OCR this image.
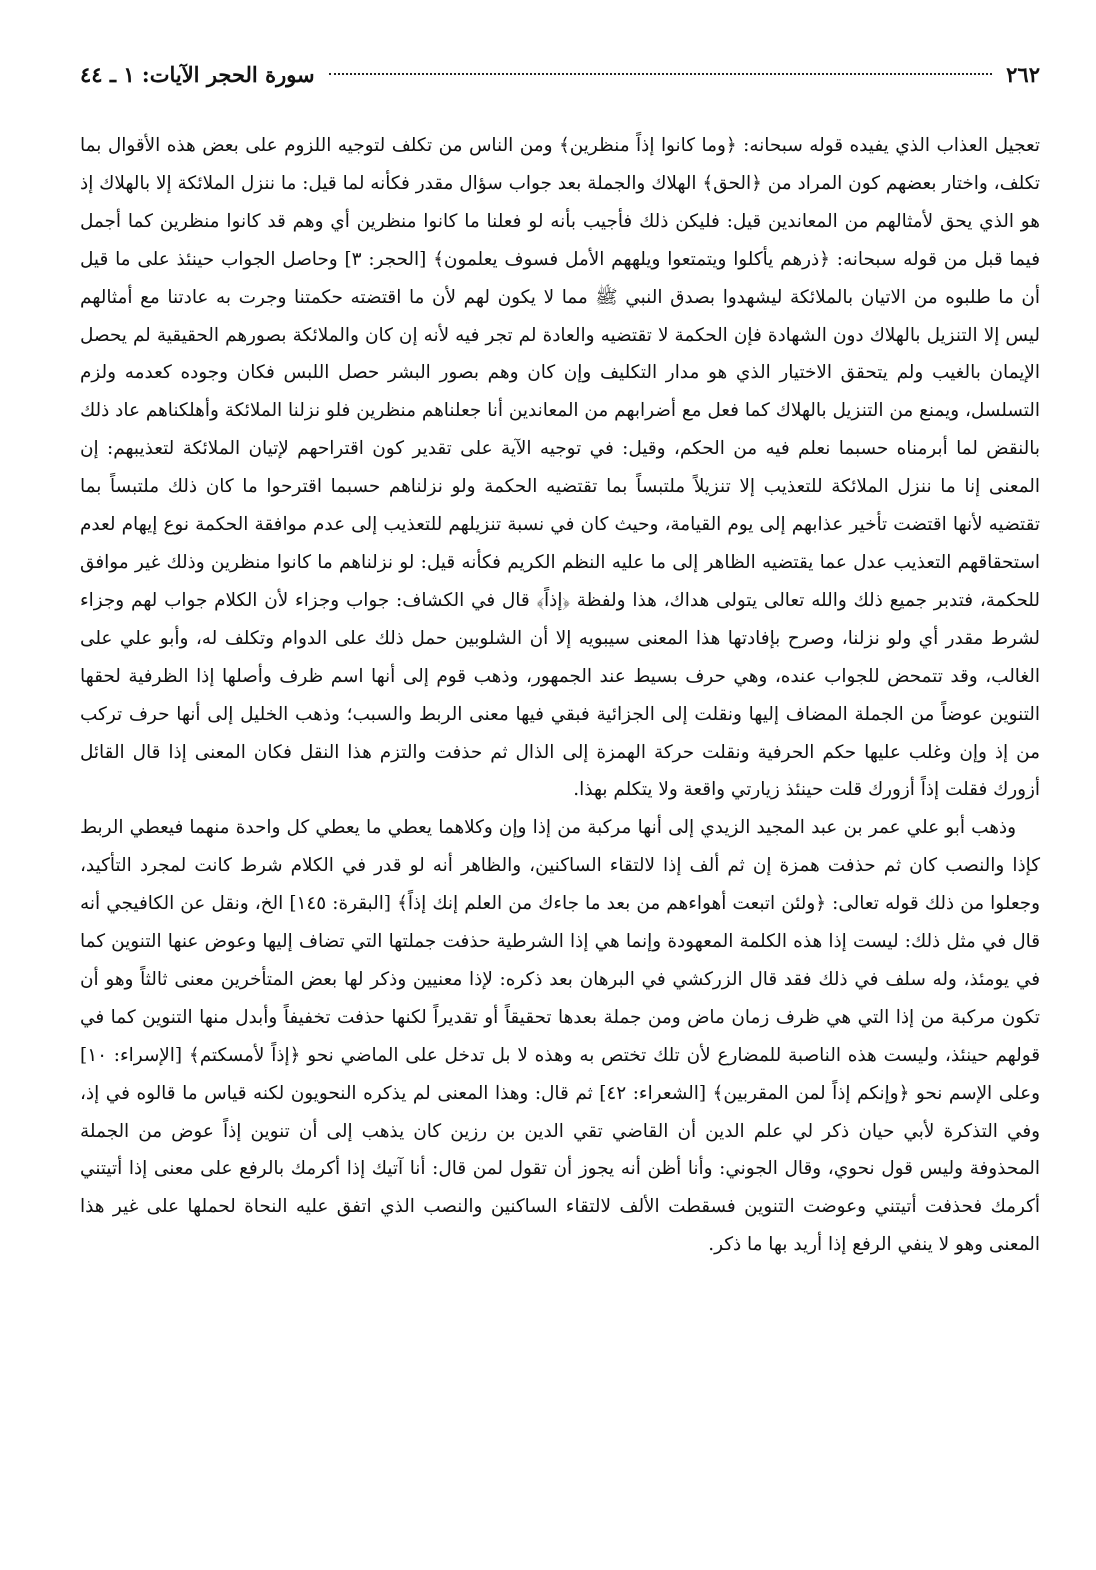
٢٦٢
سورة الحجر الآيات: ١ ـ ٤٤

تعجيل العذاب الذي يفيده قوله سبحانه: ﴿وما كانوا إذاً منظرين﴾ ومن الناس من تكلف لتوجيه اللزوم على بعض هذه الأقوال بما تكلف، واختار بعضهم كون المراد من ﴿الحق﴾ الهلاك والجملة بعد جواب سؤال مقدر فكأنه لما قيل: ما ننزل الملائكة إلا بالهلاك إذ هو الذي يحق لأمثالهم من المعاندين قيل: فليكن ذلك فأجيب بأنه لو فعلنا ما كانوا منظرين أي وهم قد كانوا منظرين كما أجمل فيما قبل من قوله سبحانه: ﴿ذرهم يأكلوا ويتمتعوا ويلههم الأمل فسوف يعلمون﴾ [الحجر: ٣] وحاصل الجواب حينئذ على ما قيل أن ما طلبوه من الاتيان بالملائكة ليشهدوا بصدق النبي ﷺ مما لا يكون لهم لأن ما اقتضته حكمتنا وجرت به عادتنا مع أمثالهم ليس إلا التنزيل بالهلاك دون الشهادة فإن الحكمة لا تقتضيه والعادة لم تجر فيه لأنه إن كان والملائكة بصورهم الحقيقية لم يحصل الإيمان بالغيب ولم يتحقق الاختيار الذي هو مدار التكليف وإن كان وهم بصور البشر حصل اللبس فكان وجوده كعدمه ولزم التسلسل، ويمنع من التنزيل بالهلاك كما فعل مع أضرابهم من المعاندين أنا جعلناهم منظرين فلو نزلنا الملائكة وأهلكناهم عاد ذلك بالنقض لما أبرمناه حسبما نعلم فيه من الحكم، وقيل: في توجيه الآية على تقدير كون اقتراحهم لإتيان الملائكة لتعذيبهم: إن المعنى إنا ما ننزل الملائكة للتعذيب إلا تنزيلاً ملتبساً بما تقتضيه الحكمة ولو نزلناهم حسبما اقترحوا ما كان ذلك ملتبساً بما تقتضيه لأنها اقتضت تأخير عذابهم إلى يوم القيامة، وحيث كان في نسبة تنزيلهم للتعذيب إلى عدم موافقة الحكمة نوع إيهام لعدم استحقاقهم التعذيب عدل عما يقتضيه الظاهر إلى ما عليه النظم الكريم فكأنه قيل: لو نزلناهم ما كانوا منظرين وذلك غير موافق للحكمة، فتدبر جميع ذلك والله تعالى يتولى هداك، هذا ولفظة ﴿إذاً﴾ قال في الكشاف: جواب وجزاء لأن الكلام جواب لهم وجزاء لشرط مقدر أي ولو نزلنا، وصرح بإفادتها هذا المعنى سيبويه إلا أن الشلوبين حمل ذلك على الدوام وتكلف له، وأبو علي على الغالب، وقد تتمحض للجواب عنده، وهي حرف بسيط عند الجمهور، وذهب قوم إلى أنها اسم ظرف وأصلها إذا الظرفية لحقها التنوين عوضاً من الجملة المضاف إليها ونقلت إلى الجزائية فبقي فيها معنى الربط والسبب؛ وذهب الخليل إلى أنها حرف تركب من إذ وإن وغلب عليها حكم الحرفية ونقلت حركة الهمزة إلى الذال ثم حذفت والتزم هذا النقل فكان المعنى إذا قال القائل أزورك فقلت إذاً أزورك قلت حينئذ زيارتي واقعة ولا يتكلم بهذا.

وذهب أبو علي عمر بن عبد المجيد الزيدي إلى أنها مركبة من إذا وإن وكلاهما يعطي ما يعطي كل واحدة منهما فيعطي الربط كإذا والنصب كان ثم حذفت همزة إن ثم ألف إذا لالتقاء الساكنين، والظاهر أنه لو قدر في الكلام شرط كانت لمجرد التأكيد، وجعلوا من ذلك قوله تعالى: ﴿ولئن اتبعت أهواءهم من بعد ما جاءك من العلم إنك إذاً﴾ [البقرة: ١٤٥] الخ، ونقل عن الكافيجي أنه قال في مثل ذلك: ليست إذا هذه الكلمة المعهودة وإنما هي إذا الشرطية حذفت جملتها التي تضاف إليها وعوض عنها التنوين كما في يومئذ، وله سلف في ذلك فقد قال الزركشي في البرهان بعد ذكره: لإذا معنيين وذكر لها بعض المتأخرين معنى ثالثاً وهو أن تكون مركبة من إذا التي هي ظرف زمان ماض ومن جملة بعدها تحقيقاً أو تقديراً لكنها حذفت تخفيفاً وأبدل منها التنوين كما في قولهم حينئذ، وليست هذه الناصبة للمضارع لأن تلك تختص به وهذه لا بل تدخل على الماضي نحو ﴿إذاً لأمسكتم﴾ [الإسراء: ١٠] وعلى الإسم نحو ﴿وإنكم إذاً لمن المقربين﴾ [الشعراء: ٤٢] ثم قال: وهذا المعنى لم يذكره النحويون لكنه قياس ما قالوه في إذ، وفي التذكرة لأبي حيان ذكر لي علم الدين أن القاضي تقي الدين بن رزين كان يذهب إلى أن تنوين إذاً عوض من الجملة المحذوفة وليس قول نحوي، وقال الجوني: وأنا أظن أنه يجوز أن تقول لمن قال: أنا آتيك إذا أكرمك بالرفع على معنى إذا أتيتني أكرمك فحذفت أتيتني وعوضت التنوين فسقطت الألف لالتقاء الساكنين والنصب الذي اتفق عليه النحاة لحملها على غير هذا المعنى وهو لا ينفي الرفع إذا أريد بها ما ذكر.
